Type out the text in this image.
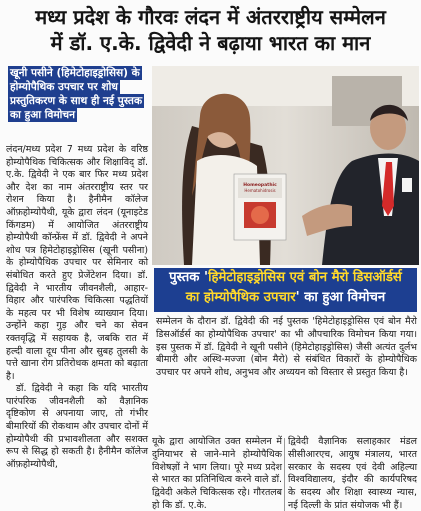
मध्य प्रदेश के गौरवः लंदन में अंतरराष्ट्रीय सम्मेलन
में डॉ. ए.के. द्विवेदी ने बढ़ाया भारत का मान
खूनी पसीने (हिमेटोहाइड्रोसिस) के होम्योपैथिक उपचार पर शोध प्रस्तुतिकरण के साथ ही नई पुस्तक का हुआ विमोचन
Homeopathic
Hematohidrosis

लंदन/मध्य प्रदेश 7 मध्य प्रदेश के वरिष्ठ होम्योपैथिक चिकित्सक और शिक्षाविद् डॉ. ए.के. द्विवेदी ने एक बार फिर मध्य प्रदेश और देश का नाम अंतरराष्ट्रीय स्तर पर रोशन किया है। हैनीमैन कॉलेज ऑफ़होम्योपैथी, यूके द्वारा लंदन (यूनाइटेड किंगडम) में आयोजित अंतरराष्ट्रीय होम्योपैथी कॉन्फ्रेंस में डॉ. द्विवेदी ने अपने शोध पत्र हिमेटोहाइड्रोसिस (खूनी पसीना) के होम्योपैथिक उपचार पर सेमिनार को संबोधित करते हुए प्रेजेंटेशन दिया। डॉ. द्विवेदी ने भारतीय जीवनशैली, आहार-विहार और पारंपरिक चिकित्सा पद्धतियों के महत्व पर भी विशेष व्याख्यान दिया। उन्होंने कहा गुड़ और चने का सेवन रक्तवृद्धि में सहायक है, जबकि रात में हल्दी वाला दूध पीना और सुबह तुलसी के पत्ते खाना रोग प्रतिरोधक क्षमता को बढ़ाता है।

डॉ. द्विवेदी ने कहा कि यदि भारतीय पारंपरिक जीवनशैली को वैज्ञानिक दृष्टिकोण से अपनाया जाए, तो गंभीर बीमारियों की रोकथाम और उपचार दोनों में होम्योपैथी की प्रभावशीलता और सशक्त रूप से सिद्ध हो सकती है। हैनीमैन कॉलेज ऑफ़होम्योपैथी,

पुस्तक 'हिमेटोहाइड्रोसिस एवं बोन मैरो डिसऑर्डर्स
का होम्योपैथिक उपचार' का हुआ विमोचन
सम्मेलन के दौरान डॉ. द्विवेदी की नई पुस्तक 'हिमेटोहाइड्रोसिस एवं बोन मैरो डिसऑर्डर्स का होम्योपैथिक उपचार' का भी औपचारिक विमोचन किया गया। इस पुस्तक में डॉ. द्विवेदी ने खूनी पसीने (हिमेटोहाइड्रोसिस) जैसी अत्यंत दुर्लभ बीमारी और अस्थि-मज्जा (बोन मैरो) से संबंधित विकारों के होम्योपैथिक उपचार पर अपने शोध, अनुभव और अध्ययन को विस्तार से प्रस्तुत किया है।
यूके द्वारा आयोजित उक्त सम्मेलन में दुनियाभर से जाने-माने होम्योपैथिक विशेषज्ञों ने भाग लिया। पूरे मध्य प्रदेश से भारत का प्रतिनिधित्व करने वाले डॉ. द्विवेदी अकेले चिकित्सक रहे। गौरतलब हो कि डॉ. ए.के.
द्विवेदी वैज्ञानिक सलाहकार मंडल सीसीआरएच, आयुष मंत्रालय, भारत सरकार के सदस्य एवं देवी अहिल्या विश्वविद्यालय, इंदौर की कार्यपरिषद के सदस्य और शिक्षा स्वास्थ्य न्यास, नई दिल्ली के प्रांत संयोजक भी हैं।
